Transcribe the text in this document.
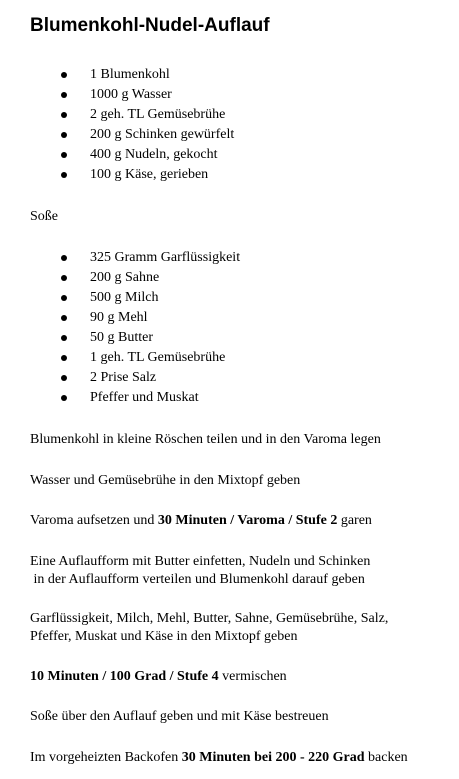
Blumenkohl-Nudel-Auflauf
1 Blumenkohl
1000 g Wasser
2 geh. TL Gemüsebrühe
200 g Schinken gewürfelt
400 g Nudeln, gekocht
100 g Käse, gerieben
Soße
325 Gramm Garflüssigkeit
200 g Sahne
500 g Milch
90 g Mehl
50 g Butter
1 geh. TL Gemüsebrühe
2 Prise Salz
Pfeffer und Muskat
Blumenkohl in kleine Röschen teilen und in den Varoma legen
Wasser und Gemüsebrühe in den Mixtopf geben
Varoma aufsetzen und 30 Minuten / Varoma / Stufe 2 garen
Eine Auflaufform mit Butter einfetten, Nudeln und Schinken
in der Auflaufform verteilen und Blumenkohl darauf geben
Garflüssigkeit, Milch, Mehl, Butter, Sahne, Gemüsebrühe, Salz,
Pfeffer, Muskat und Käse in den Mixtopf geben
10 Minuten / 100 Grad / Stufe 4 vermischen
Soße über den Auflauf geben und mit Käse bestreuen
Im vorgeheizten Backofen 30 Minuten bei 200 - 220 Grad backen
